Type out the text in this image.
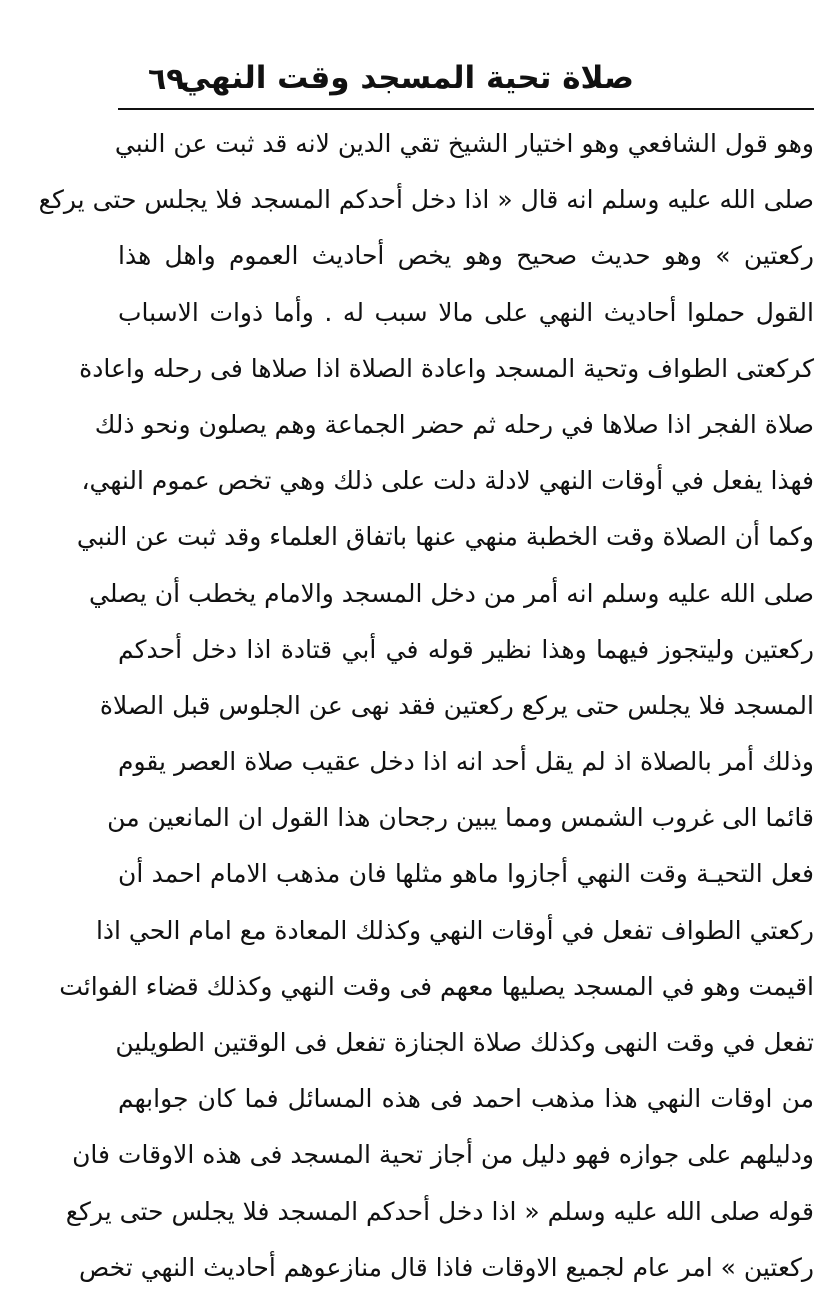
صلاة تحية المسجد وقت النهي
٦٩
وهو قول الشافعي وهو اختيار الشيخ تقي الدين لانه قد ثبت عن النبي
صلى الله عليه وسلم انه قال « اذا دخل أحدكم المسجد فلا يجلس حتى يركع
ركعتين » وهو حديث صحيح وهو يخص أحاديث العموم واهل هذا
القول حملوا أحاديث النهي على مالا سبب له . وأما ذوات الاسباب
كركعتى الطواف وتحية المسجد واعادة الصلاة اذا صلاها فى رحله واعادة
صلاة الفجر اذا صلاها في رحله ثم حضر الجماعة وهم يصلون ونحو ذلك
فهذا يفعل في أوقات النهي لادلة دلت على ذلك وهي تخص عموم النهي،
وكما أن الصلاة وقت الخطبة منهي عنها باتفاق العلماء وقد ثبت عن النبي
صلى الله عليه وسلم انه أمر من دخل المسجد والامام يخطب أن يصلي
ركعتين وليتجوز فيهما وهذا نظير قوله في أبي قتادة اذا دخل أحدكم
المسجد فلا يجلس حتى يركع ركعتين فقد نهى عن الجلوس قبل الصلاة
وذلك أمر بالصلاة اذ لم يقل أحد انه اذا دخل عقيب صلاة العصر يقوم
قائما الى غروب الشمس ومما يبين رجحان هذا القول ان المانعين من
فعل التحيـة وقت النهي أجازوا ماهو مثلها فان مذهب الامام احمد أن
ركعتي الطواف تفعل في أوقات النهي وكذلك المعادة مع امام الحي اذا
اقيمت وهو في المسجد يصليها معهم فى وقت النهي وكذلك قضاء الفوائت
تفعل في وقت النهى وكذلك صلاة الجنازة تفعل فى الوقتين الطويلين
من اوقات النهي هذا مذهب احمد فى هذه المسائل فما كان جوابهم
ودليلهم على جوازه فهو دليل من أجاز تحية المسجد فى هذه الاوقات فان
قوله صلى الله عليه وسلم « اذا دخل أحدكم المسجد فلا يجلس حتى يركع
ركعتين » امر عام لجميع الاوقات فاذا قال منازعوهم أحاديث النهي تخص
